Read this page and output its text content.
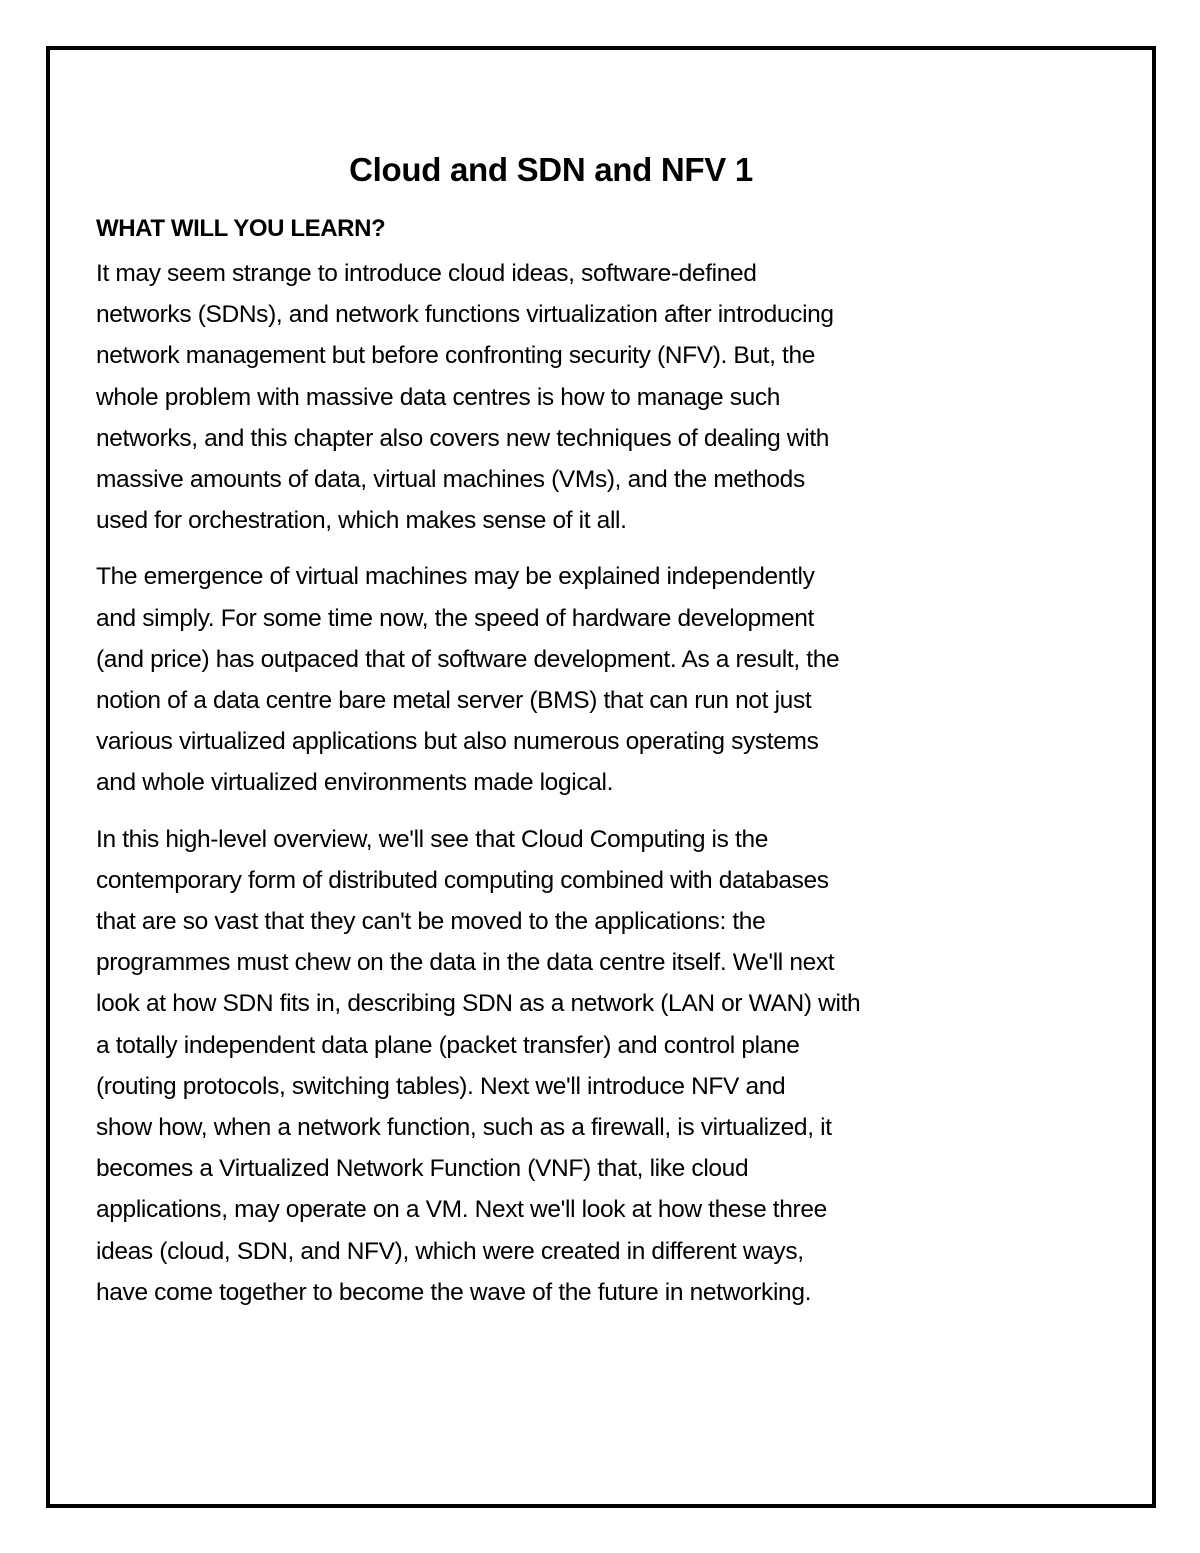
Cloud and SDN and NFV 1
WHAT WILL YOU LEARN?

It may seem strange to introduce cloud ideas, software-defined
networks (SDNs), and network functions virtualization after introducing
network management but before confronting security (NFV). But, the
whole problem with massive data centres is how to manage such
networks, and this chapter also covers new techniques of dealing with
massive amounts of data, virtual machines (VMs), and the methods
used for orchestration, which makes sense of it all.

The emergence of virtual machines may be explained independently
and simply. For some time now, the speed of hardware development
(and price) has outpaced that of software development. As a result, the
notion of a data centre bare metal server (BMS) that can run not just
various virtualized applications but also numerous operating systems
and whole virtualized environments made logical.

In this high-level overview, we'll see that Cloud Computing is the
contemporary form of distributed computing combined with databases
that are so vast that they can't be moved to the applications: the
programmes must chew on the data in the data centre itself. We'll next
look at how SDN fits in, describing SDN as a network (LAN or WAN) with
a totally independent data plane (packet transfer) and control plane
(routing protocols, switching tables). Next we'll introduce NFV and
show how, when a network function, such as a firewall, is virtualized, it
becomes a Virtualized Network Function (VNF) that, like cloud
applications, may operate on a VM. Next we'll look at how these three
ideas (cloud, SDN, and NFV), which were created in different ways,
have come together to become the wave of the future in networking.
